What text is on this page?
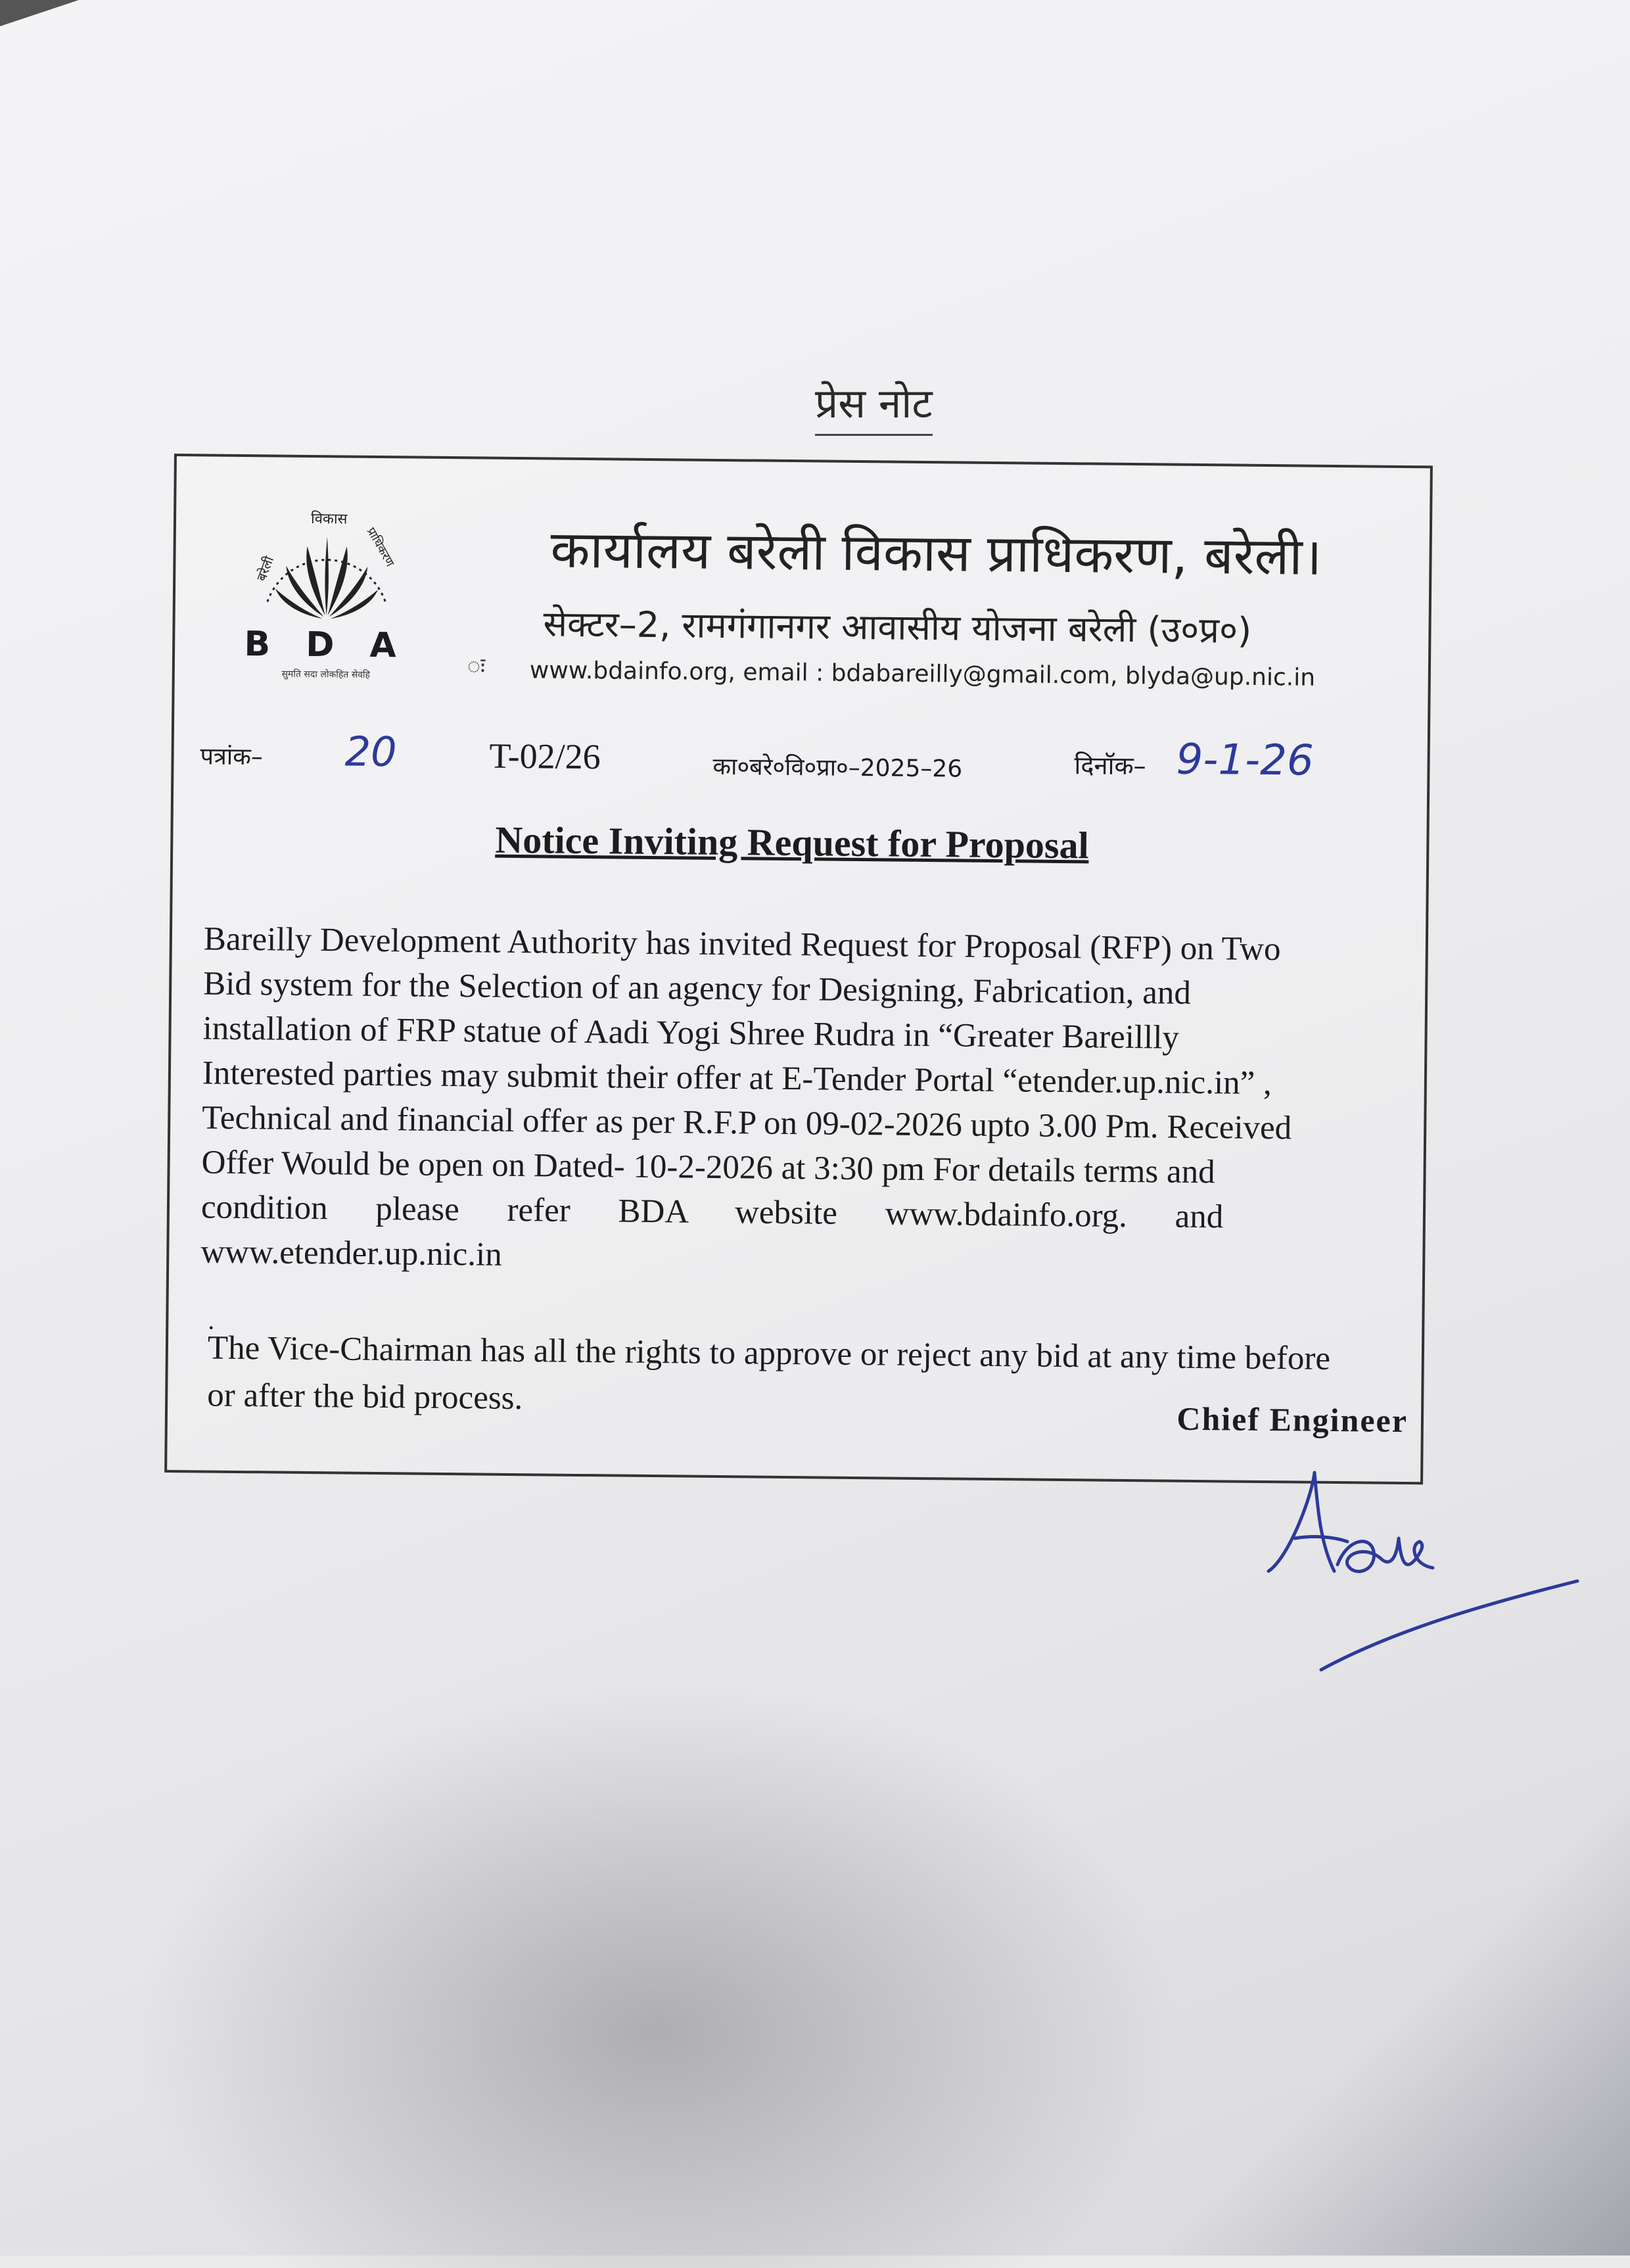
प्रेस नोट
बरेली
विकास
प्राधिकरण
B D A
सुमति सदा लोकहित सेवहि
कार्यालय बरेली विकास प्राधिकरण, बरेली।
सेक्टर–2, रामगंगानगर आवासीय योजना बरेली (उ०प्र०)
ः www.bdainfo.org, email : bdabareilly@gmail.com, blyda@up.nic.in
पत्रांक– 20	T-02/26	का०बरे०वि०प्रा०–2025–26	दिनॉक– 9-1-26
Notice Inviting Request for Proposal

Bareilly Development Authority has invited Request for Proposal (RFP) on Two

Bid system for the Selection of an agency for Designing, Fabrication, and

installation of FRP statue of Aadi Yogi Shree Rudra in “Greater Bareillly

Interested parties may submit their offer at E-Tender Portal “etender.up.nic.in” ,

Technical and financial offer as per R.F.P on 09-02-2026 upto 3.00 Pm. Received

Offer Would be open on Dated- 10-2-2026 at 3:30 pm For details terms and

condition please refer BDA website www.bdainfo.org. and

www.etender.up.nic.in

.
The Vice-Chairman has all the rights to approve or reject any bid at any time before
or after the bid process.
Chief Engineer
